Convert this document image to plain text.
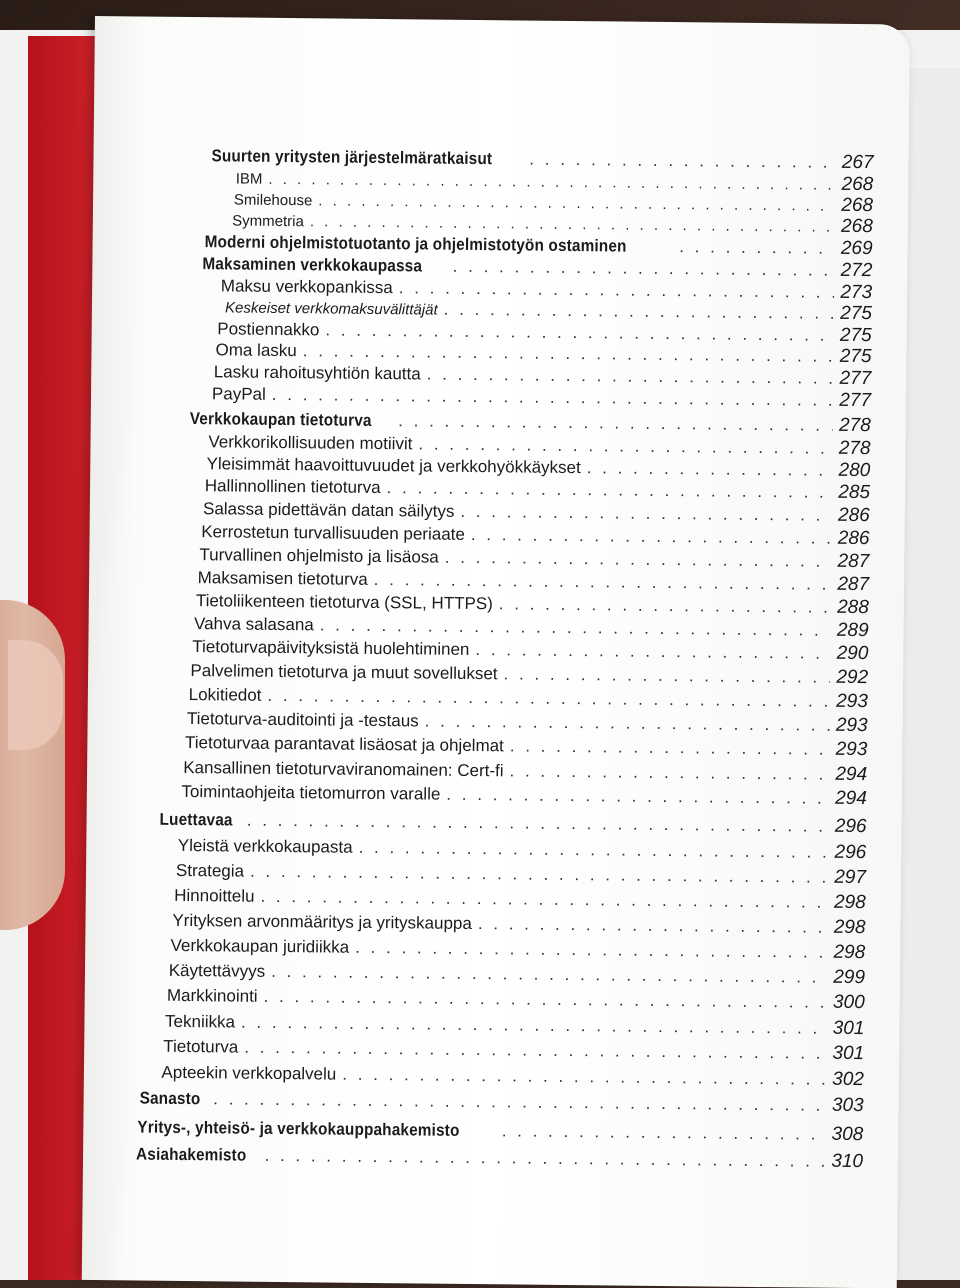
Suurten yritysten järjestelmäratkaisut . . .	267
IBM . . .	268
Smilehouse . . .	268
Symmetria . . .	268
Moderni ohjelmistotuotanto ja ohjelmistotyön ostaminen . . .	269
Maksaminen verkkokaupassa . . .	272
Maksu verkkopankissa . . .	273
Keskeiset verkkomaksuvälittäjät . . .	275
Postiennakko . . .	275
Oma lasku . . .	275
Lasku rahoitusyhtiön kautta . . .	277
PayPal . . .	277
Verkkokaupan tietoturva . . .	278
Verkkorikollisuuden motiivit . . .	278
Yleisimmät haavoittuvuudet ja verkkohyökkäykset . . .	280
Hallinnollinen tietoturva . . .	285
Salassa pidettävän datan säilytys . . .	286
Kerrostetun turvallisuuden periaate . . .	286
Turvallinen ohjelmisto ja lisäosa . . .	287
Maksamisen tietoturva . . .	287
Tietoliikenteen tietoturva (SSL, HTTPS) . . .	288
Vahva salasana . . .	289
Tietoturvapäivityksistä huolehtiminen . . .	290
Palvelimen tietoturva ja muut sovellukset . . .	292
Lokitiedot . . .	293
Tietoturva-auditointi ja -testaus . . .	293
Tietoturvaa parantavat lisäosat ja ohjelmat . . .	293
Kansallinen tietoturvaviranomainen: Cert-fi . . .	294
Toimintaohjeita tietomurron varalle . . .	294
Luettavaa . . .	296
Yleistä verkkokaupasta . . .	296
Strategia . . .	297
Hinnoittelu . . .	298
Yrityksen arvonmääritys ja yrityskauppa . . .	298
Verkkokaupan juridiikka . . .	298
Käytettävyys . . .	299
Markkinointi . . .	300
Tekniikka . . .	301
Tietoturva . . .	301
Apteekin verkkopalvelu . . .	302
Sanasto . . .	303
Yritys-, yhteisö- ja verkkokauppahakemisto . . .	308
Asiahakemisto . . .	310
